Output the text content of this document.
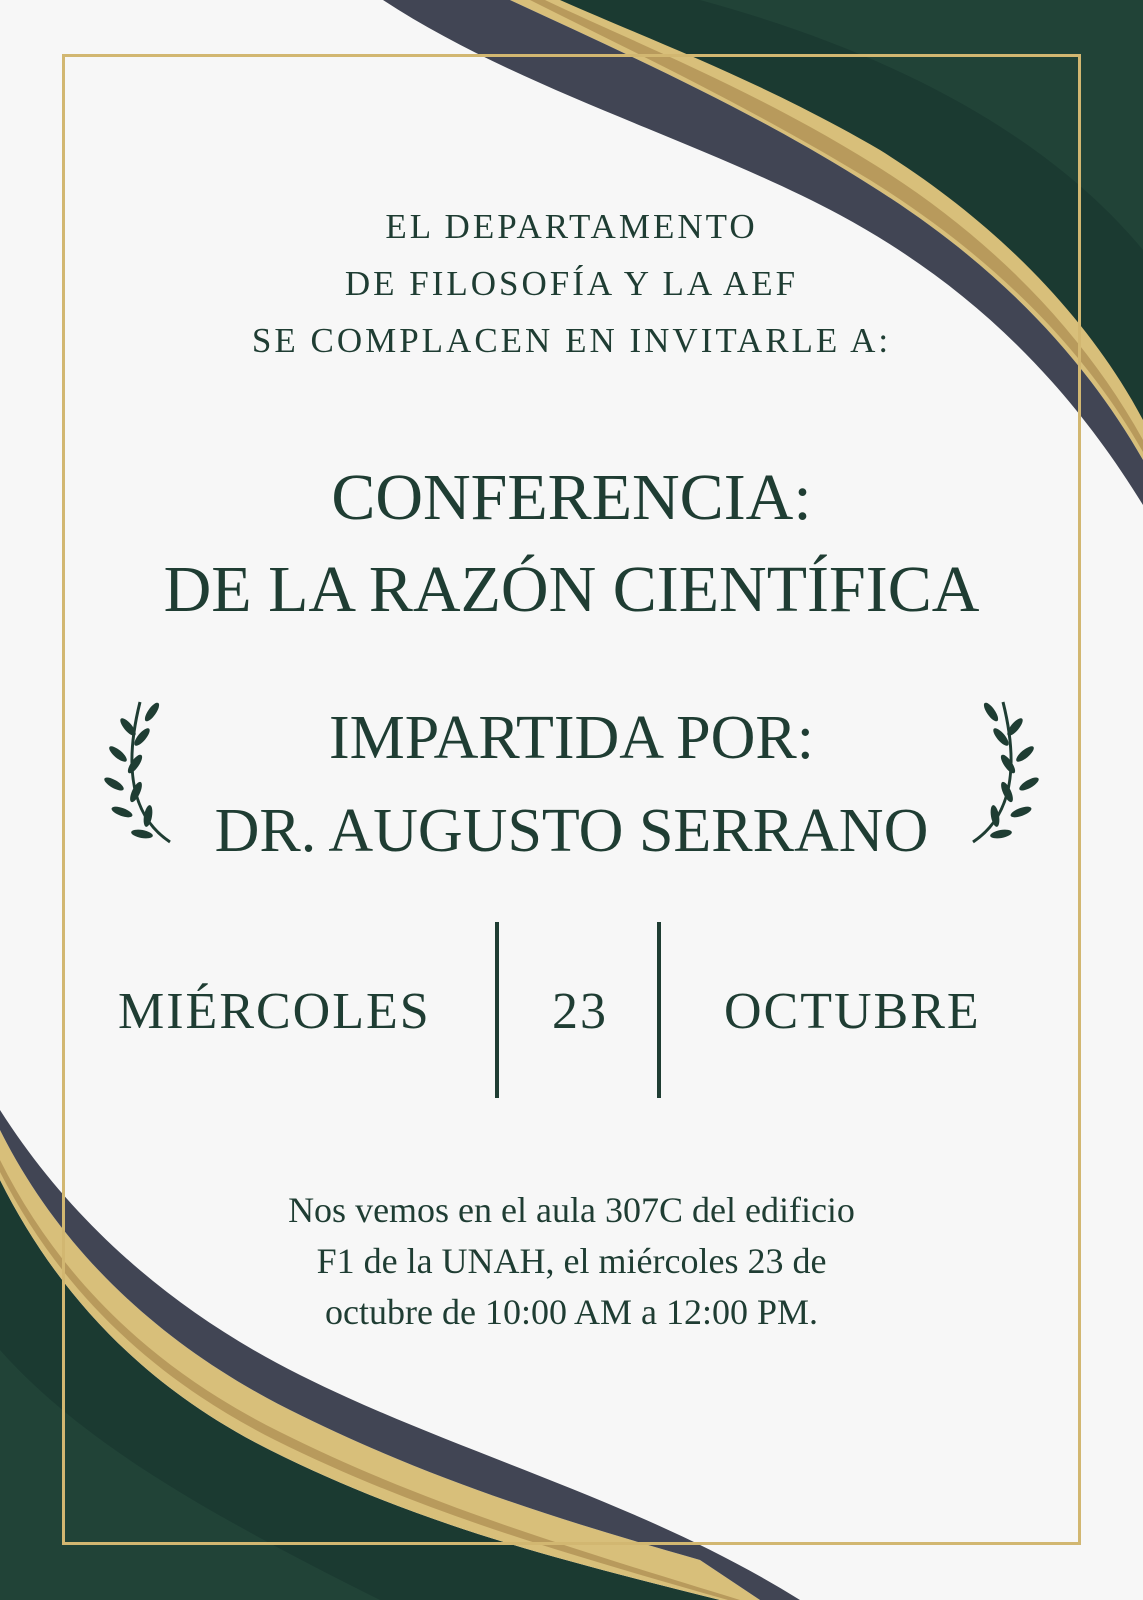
EL DEPARTAMENTO
DE FILOSOFÍA Y LA AEF
SE COMPLACEN EN INVITARLE A:
CONFERENCIA:
DE LA RAZÓN CIENTÍFICA
IMPARTIDA POR:
DR. AUGUSTO SERRANO
MIÉRCOLES 23 OCTUBRE
Nos vemos en el aula 307C del edificio
F1 de la UNAH, el miércoles 23 de
octubre de 10:00 AM a 12:00 PM.
